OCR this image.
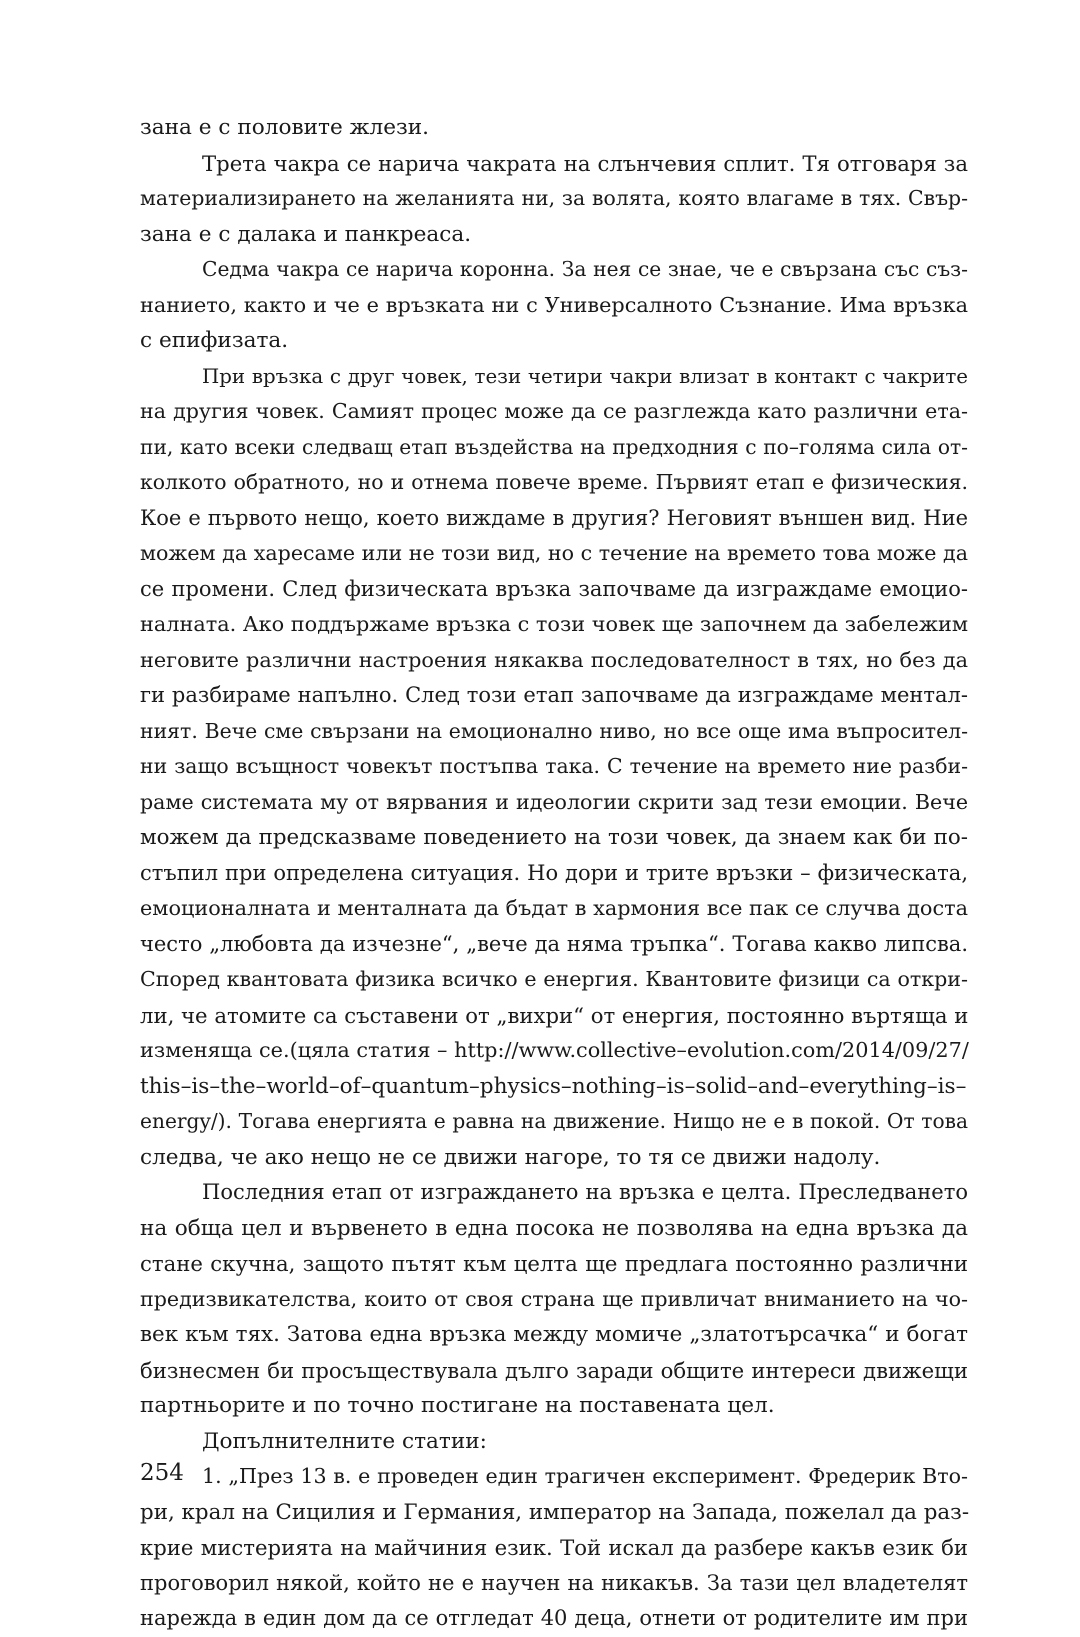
зана е с половите жлези.
Трета чакра се нарича чакрата на слънчевия сплит. Тя отговаря за
материализирането на желанията ни, за волята, която влагаме в тях. Свър-
зана е с далака и панкреаса.
Седма чакра се нарича коронна. За нея се знае, че е свързана със съз-
нанието, както и че е връзката ни с Универсалното Съзнание. Има връзка
с епифизата.
При връзка с друг човек, тези четири чакри влизат в контакт с чакрите
на другия човек. Самият процес може да се разглежда като различни ета-
пи, като всеки следващ етап въздейства на предходния с по–голяма сила от-
колкото обратното, но и отнема повече време. Първият етап е физическия.
Кое е първото нещо, което виждаме в другия? Неговият външен вид. Ние
можем да харесаме или не този вид, но с течение на времето това може да
се промени. След физическата връзка започваме да изграждаме емоцио-
налната. Ако поддържаме връзка с този човек ще започнем да забележим
неговите различни настроения някаква последователност в тях, но без да
ги разбираме напълно. След този етап започваме да изграждаме ментал-
ният. Вече сме свързани на емоционално ниво, но все още има въпросител-
ни защо всъщност човекът постъпва така. С течение на времето ние разби-
раме системата му от вярвания и идеологии скрити зад тези емоции. Вече
можем да предсказваме поведението на този човек, да знаем как би по-
стъпил при определена ситуация. Но дори и трите връзки – физическата,
емоционалната и менталната да бъдат в хармония все пак се случва доста
често „любовта да изчезне“, „вече да няма тръпка“. Тогава какво липсва.
Според квантовата физика всичко е енергия. Квантовите физици са откри-
ли, че атомите са съставени от „вихри“ от енергия, постоянно въртяща и
изменяща се.(цяла статия – http://www.collective–evolution.com/2014/09/27/
this–is–the–world–of–quantum–physics–nothing–is–solid–and–everything–is–
energy/). Тогава енергията е равна на движение. Нищо не е в покой. От това
следва, че ако нещо не се движи нагоре, то тя се движи надолу.
Последния етап от изграждането на връзка е целта. Преследването
на обща цел и вървенето в една посока не позволява на една връзка да
стане скучна, защото пътят към целта ще предлага постоянно различни
предизвикателства, които от своя страна ще привличат вниманието на чо-
век към тях. Затова една връзка между момиче „златотърсачка“ и богат
бизнесмен би просъществувала дълго заради общите интереси движещи
партньорите и по точно постигане на поставената цел.
Допълнителните статии:
1. „През 13 в. е проведен един трагичен експеримент. Фредерик Вто-
ри, крал на Сицилия и Германия, император на Запада, пожелал да раз-
крие мистерията на майчиния език. Той искал да разбере какъв език би
проговорил някой, който не е научен на никакъв. За тази цел владетелят
нарежда в един дом да се отгледат 40 деца, отнети от родителите им при
254
